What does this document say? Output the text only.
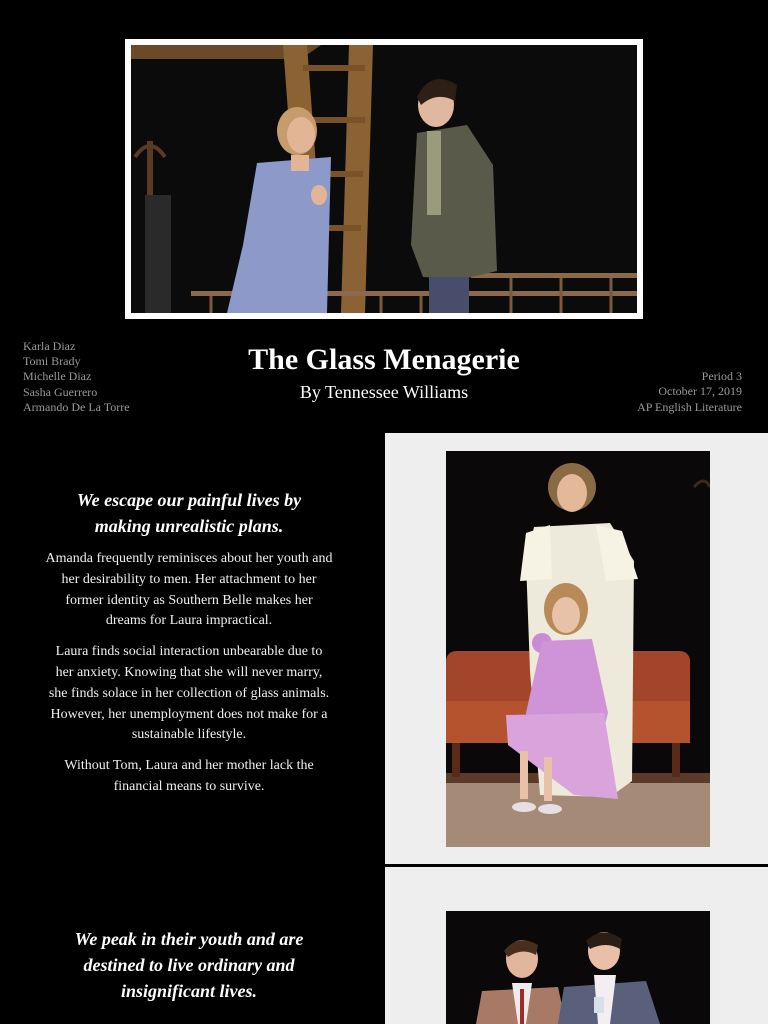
Karla Diaz
Tomi Brady
Michelle Diaz
Sasha Guerrero
Armando De La Torre
The Glass Menagerie
By Tennessee Williams
Period 3
October 17, 2019
AP English Literature

We escape our painful lives by
making unrealistic plans.

Amanda frequently reminisces about her youth and her desirability to men. Her attachment to her former identity as Southern Belle makes her dreams for Laura impractical.

Laura finds social interaction unbearable due to her anxiety. Knowing that she will never marry, she finds solace in her collection of glass animals. However, her unemployment does not make for a sustainable lifestyle.

Without Tom, Laura and her mother lack the financial means to survive.

We peak in their youth and are
destined to live ordinary and
insignificant lives.
